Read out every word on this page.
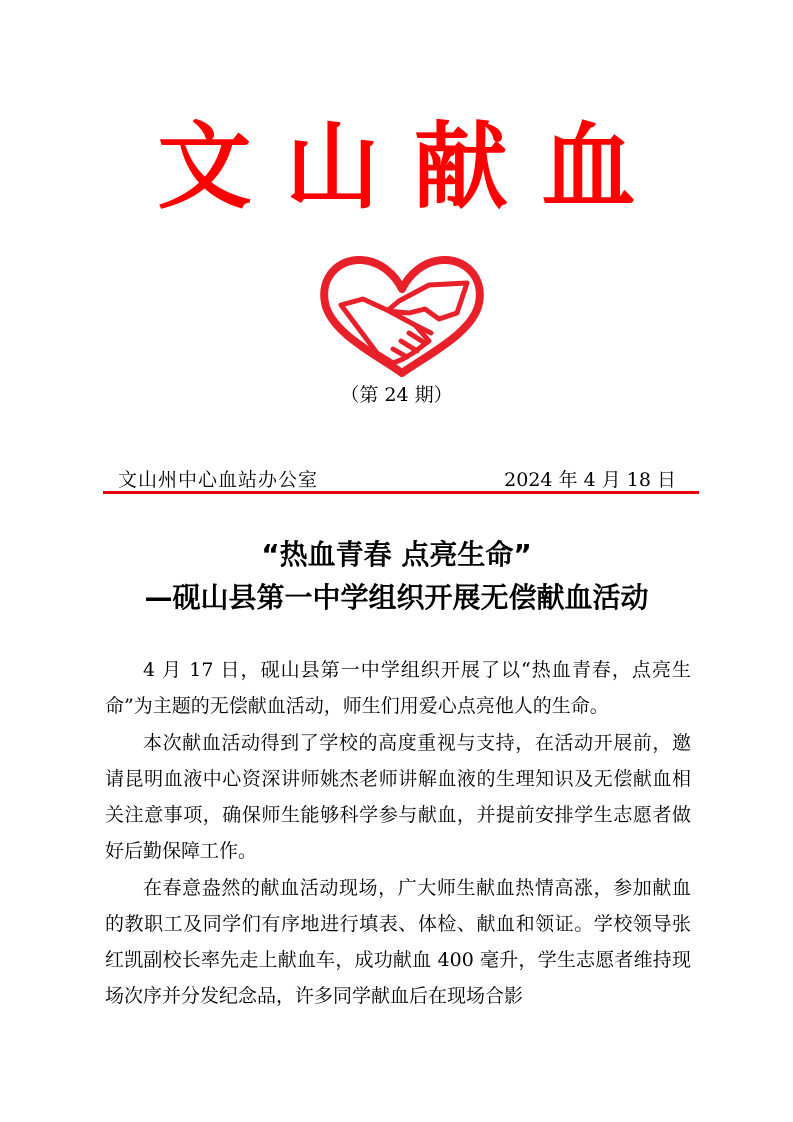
文山献血
（第 24 期）
文山州中心血站办公室	2024 年 4 月 18 日
“热血青春 点亮生命”
—砚山县第一中学组织开展无偿献血活动

4 月 17 日，砚山县第一中学组织开展了以“热血青春，点亮生命”为主题的无偿献血活动，师生们用爱心点亮他人的生命。

本次献血活动得到了学校的高度重视与支持，在活动开展前，邀请昆明血液中心资深讲师姚杰老师讲解血液的生理知识及无偿献血相关注意事项，确保师生能够科学参与献血，并提前安排学生志愿者做好后勤保障工作。

在春意盎然的献血活动现场，广大师生献血热情高涨，参加献血的教职工及同学们有序地进行填表、体检、献血和领证。学校领导张红凯副校长率先走上献血车，成功献血 400 毫升，学生志愿者维持现场次序并分发纪念品，许多同学献血后在现场合影
